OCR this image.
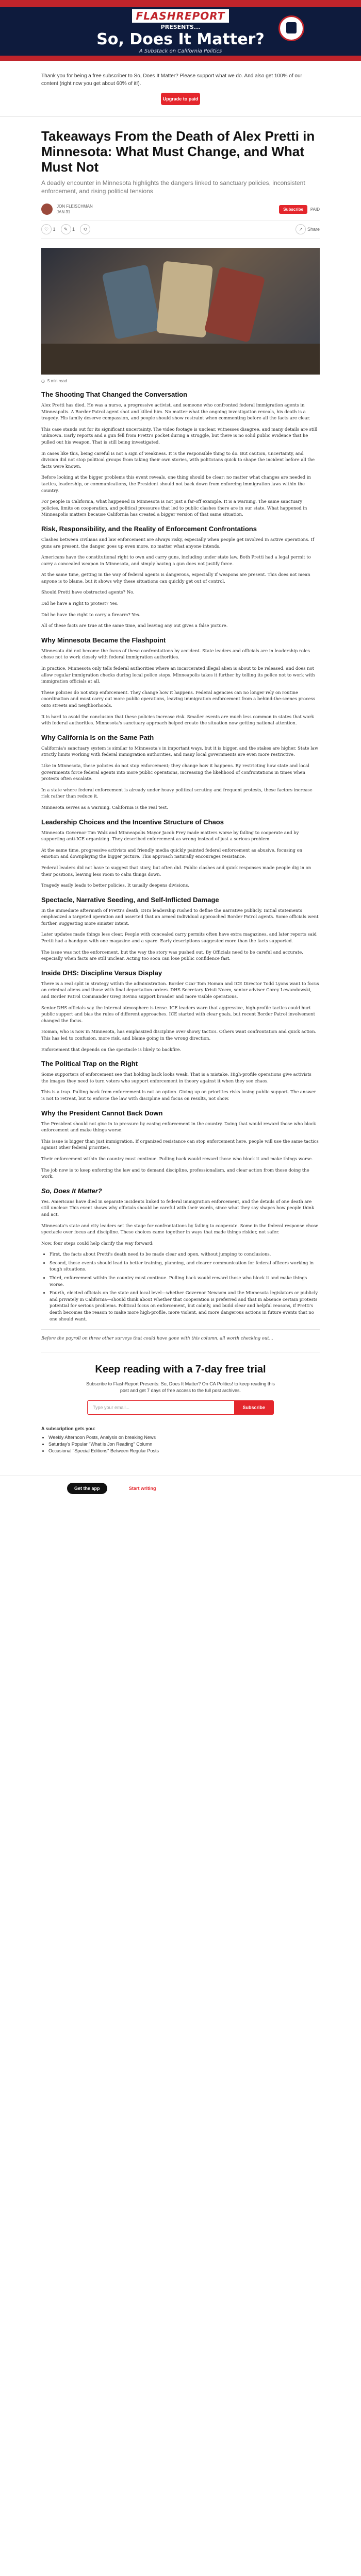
FLASHREPORT
PRESENTS...
So, Does It Matter?
A Substack on California Politics

Thank you for being a free subscriber to So, Does It Matter? Please support what we do. And also get 100% of our content (right now you get about 60% of it!).

Upgrade to paid
Takeaways From the Death of Alex Pretti in Minnesota: What Must Change, and What Must Not
A deadly encounter in Minnesota highlights the dangers linked to sanctuary policies, inconsistent enforcement, and rising political tensions
JON FLEISCHMAN
JAN 31
Subscribe	PAID
♡ 1	✎ 1	⟲	↗ Share
◷ 5 min read
The Shooting That Changed the Conversation

Alex Pretti has died. He was a nurse, a progressive activist, and someone who confronted federal immigration agents in Minneapolis. A Border Patrol agent shot and killed him. No matter what the ongoing investigation reveals, his death is a tragedy. His family deserve compassion, and people should show restraint when commenting before all the facts are clear.

This case stands out for its significant uncertainty. The video footage is unclear, witnesses disagree, and many details are still unknown. Early reports and a gun fell from Pretti's pocket during a struggle, but there is no solid public evidence that he pulled out his weapon. That is still being investigated.

In cases like this, being careful is not a sign of weakness. It is the responsible thing to do. But caution, uncertainty, and division did not stop political groups from taking their own stories, with politicians quick to shape the incident before all the facts were known.

Before looking at the bigger problems this event reveals, one thing should be clear: no matter what changes are needed in tactics, leadership, or communications, the President should not back down from enforcing immigration laws within the country.

For people in California, what happened in Minnesota is not just a far-off example. It is a warning. The same sanctuary policies, limits on cooperation, and political pressures that led to public clashes there are in our state. What happened in Minneapolis matters because California has created a bigger version of that same situation.

Risk, Responsibility, and the Reality of Enforcement Confrontations

Clashes between civilians and law enforcement are always risky, especially when people get involved in active operations. If guns are present, the danger goes up even more, no matter what anyone intends.

Americans have the constitutional right to own and carry guns, including under state law. Both Pretti had a legal permit to carry a concealed weapon in Minnesota, and simply having a gun does not justify force.

At the same time, getting in the way of federal agents is dangerous, especially if weapons are present. This does not mean anyone is to blame, but it shows why these situations can quickly get out of control.

Should Pretti have obstructed agents? No.

Did he have a right to protest? Yes.

Did he have the right to carry a firearm? Yes.

All of these facts are true at the same time, and leaving any out gives a false picture.

Why Minnesota Became the Flashpoint

Minnesota did not become the focus of these confrontations by accident. State leaders and officials are in leadership roles chose not to work closely with federal immigration authorities.

In practice, Minnesota only tells federal authorities where an incarcerated illegal alien is about to be released, and does not allow regular immigration checks during local police stops. Minneapolis takes it further by telling its police not to work with immigration officials at all.

These policies do not stop enforcement. They change how it happens. Federal agencies can no longer rely on routine coordination and must carry out more public operations, leaving immigration enforcement from a behind-the-scenes process onto streets and neighborhoods.

It is hard to avoid the conclusion that these policies increase risk. Smaller events are much less common in states that work with federal authorities. Minnesota's sanctuary approach helped create the situation now getting national attention.

Why California Is on the Same Path

California's sanctuary system is similar to Minnesota's in important ways, but it is bigger, and the stakes are higher. State law strictly limits working with federal immigration authorities, and many local governments are even more restrictive.

Like in Minnesota, these policies do not stop enforcement; they change how it happens. By restricting how state and local governments force federal agents into more public operations, increasing the likelihood of confrontations in times when protests often escalate.

In a state where federal enforcement is already under heavy political scrutiny and frequent protests, these factors increase risk rather than reduce it.

Minnesota serves as a warning. California is the real test.

Leadership Choices and the Incentive Structure of Chaos

Minnesota Governor Tim Walz and Minneapolis Mayor Jacob Frey made matters worse by failing to cooperate and by supporting anti-ICE organizing. They described enforcement as wrong instead of just a serious problem.

At the same time, progressive activists and friendly media quickly painted federal enforcement as abusive, focusing on emotion and downplaying the bigger picture. This approach naturally encourages resistance.

Federal leaders did not have to suggest that story, but often did. Public clashes and quick responses made people dig in on their positions, leaving less room to calm things down.

Tragedy easily leads to better policies. It usually deepens divisions.

Spectacle, Narrative Seeding, and Self-Inflicted Damage

In the immediate aftermath of Pretti's death, DHS leadership rushed to define the narrative publicly. Initial statements emphasized a targeted operation and asserted that an armed individual approached Border Patrol agents. Some officials went further, suggesting more sinister intent.

Later updates made things less clear. People with concealed carry permits often have extra magazines, and later reports said Pretti had a handgun with one magazine and a spare. Early descriptions suggested more than the facts supported.

The issue was not the enforcement, but the way the story was pushed out. By Officials need to be careful and accurate, especially when facts are still unclear. Acting too soon can lose public confidence fast.

Inside DHS: Discipline Versus Display

There is a real split in strategy within the administration. Border Czar Tom Homan and ICE Director Todd Lyons want to focus on criminal aliens and those with final deportation orders. DHS Secretary Kristi Noem, senior adviser Corey Lewandowski, and Border Patrol Commander Greg Bovino support broader and more visible operations.

Senior DHS officials say the internal atmosphere is tense. ICE leaders warn that aggressive, high-profile tactics could hurt public support and bias the rules of different approaches. ICE started with clear goals, but recent Border Patrol involvement changed the focus.

Homan, who is now in Minnesota, has emphasized discipline over showy tactics. Others want confrontation and quick action. This has led to confusion, more risk, and blame going in the wrong direction.

Enforcement that depends on the spectacle is likely to backfire.

The Political Trap on the Right

Some supporters of enforcement see that holding back looks weak. That is a mistake. High-profile operations give activists the images they need to turn voters who support enforcement in theory against it when they see chaos.

This is a trap. Pulling back from enforcement is not an option. Giving up on priorities risks losing public support. The answer is not to retreat, but to enforce the law with discipline and focus on results, not show.

Why the President Cannot Back Down

The President should not give in to pressure by easing enforcement in the country. Doing that would reward those who block enforcement and make things worse.

This issue is bigger than just immigration. If organized resistance can stop enforcement here, people will use the same tactics against other federal priorities.

Their enforcement within the country must continue. Pulling back would reward those who block it and make things worse.

The job now is to keep enforcing the law and to demand discipline, professionalism, and clear action from those doing the work.

So, Does It Matter?

Yes. Americans have died in separate incidents linked to federal immigration enforcement, and the details of one death are still unclear. This event shows why officials should be careful with their words, since what they say shapes how people think and act.

Minnesota's state and city leaders set the stage for confrontations by failing to cooperate. Some in the federal response chose spectacle over focus and discipline. These choices came together in ways that made things riskier, not safer.

Now, four steps could help clarify the way forward:

• First, the facts about Pretti's death need to be made clear and open, without jumping to conclusions.
• Second, those events should lead to better training, planning, and clearer communication for federal officers working in tough situations.
• Third, enforcement within the country must continue. Pulling back would reward those who block it and make things worse.
• Fourth, elected officials on the state and local level—whether Governor Newsom and the Minnesota legislators or publicly and privately in California—should think about whether that cooperation is preferred and that in absence certain protests potential for serious problems. Political focus on enforcement, but calmly, and build clear and helpful reasons, if Pretti's death becomes the reason to make more high-profile, more violent, and more dangerous actions in future events that no one should want.
Before the payroll on three other surveys that could have gone with this column, all worth checking out...
Keep reading with a 7-day free trial
Subscribe to FlashReport Presents: So, Does It Matter? On CA Politics! to keep reading this post and get 7 days of free access to the full post archives.
Type your email...	Subscribe
A subscription gets you:
• Weekly Afternoon Posts, Analysis on breaking News
• Saturday's Popular "What is Jon Reading" Column
• Occasional "Special Editions" Between Regular Posts
Get the app	Start writing
